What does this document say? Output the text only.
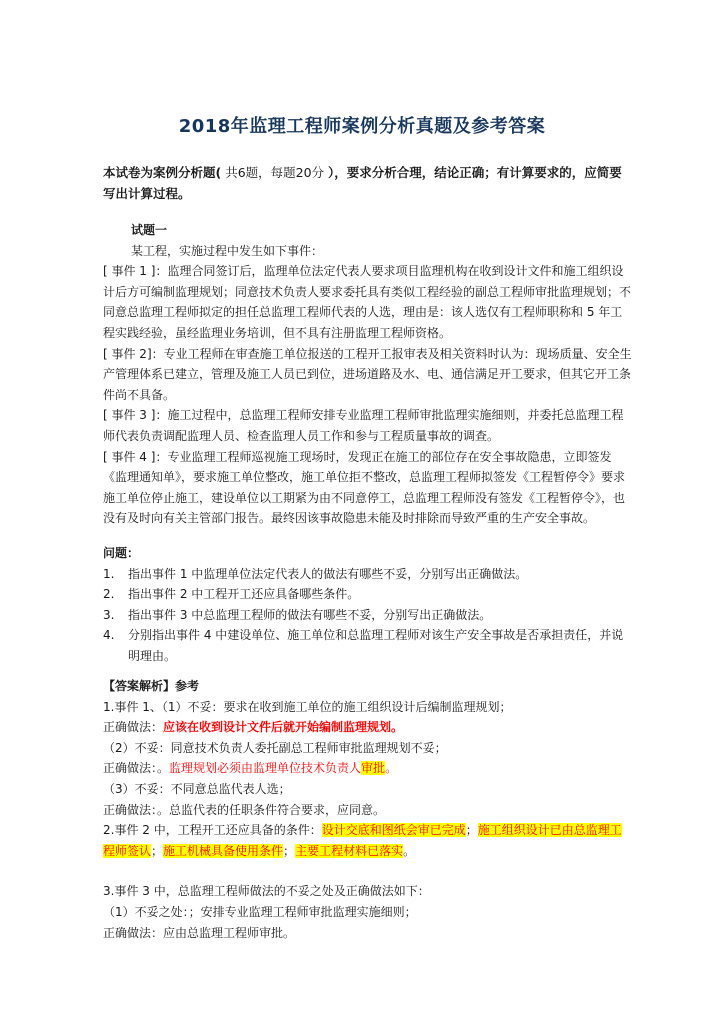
2018年监理工程师案例分析真题及参考答案
本试卷为案例分析题( 共6题，每题20分 ），要求分析合理，结论正确；有计算要求的，应简要写出计算过程。

试题一

某工程，实施过程中发生如下事件：

[ 事件 1 ]：监理合同签订后，监理单位法定代表人要求项目监理机构在收到设计文件和施工组织设计后方可编制监理规划；同意技术负责人要求委托具有类似工程经验的副总工程师审批监理规划；不同意总监理工程师拟定的担任总监理工程师代表的人选，理由是：该人选仅有工程师职称和 5 年工程实践经验，虽经监理业务培训，但不具有注册监理工程师资格。

[ 事件 2]：专业工程师在审查施工单位报送的工程开工报审表及相关资料时认为：现场质量、安全生产管理体系已建立，管理及施工人员已到位，进场道路及水、电、通信满足开工要求，但其它开工条件尚不具备。

[ 事件 3 ]：施工过程中，总监理工程师安排专业监理工程师审批监理实施细则，并委托总监理工程师代表负责调配监理人员、检查监理人员工作和参与工程质量事故的调查。

[ 事件 4 ]：专业监理工程师巡视施工现场时，发现正在施工的部位存在安全事故隐患，立即签发《监理通知单》，要求施工单位整改，施工单位拒不整改，总监理工程师拟签发《工程暂停令》要求施工单位停止施工，建设单位以工期紧为由不同意停工，总监理工程师没有签发《工程暂停令》，也没有及时向有关主管部门报告。最终因该事故隐患未能及时排除而导致严重的生产安全事故。

问题：

1. 指出事件 1 中监理单位法定代表人的做法有哪些不妥，分别写出正确做法。
2. 指出事件 2 中工程开工还应具备哪些条件。
3. 指出事件 3 中总监理工程师的做法有哪些不妥，分别写出正确做法。
4. 分别指出事件 4 中建设单位、施工单位和总监理工程师对该生产安全事故是否承担责任，并说明理由。

【答案解析】参考

1.事件 1、（1）不妥：要求在收到施工单位的施工组织设计后编制监理规划；

正确做法：应该在收到设计文件后就开始编制监理规划。

（2）不妥：同意技术负责人委托副总工程师审批监理规划不妥；

正确做法：。监理规划必须由监理单位技术负责人审批。

（3）不妥：不同意总监代表人选；

正确做法：。总监代表的任职条件符合要求，应同意。

2.事件 2 中，工程开工还应具备的条件：设计交底和图纸会审已完成；施工组织设计已由总监理工程师签认；施工机械具备使用条件；主要工程材料已落实。

3.事件 3 中，总监理工程师做法的不妥之处及正确做法如下：

（1）不妥之处：；安排专业监理工程师审批监理实施细则；

正确做法：应由总监理工程师审批。
